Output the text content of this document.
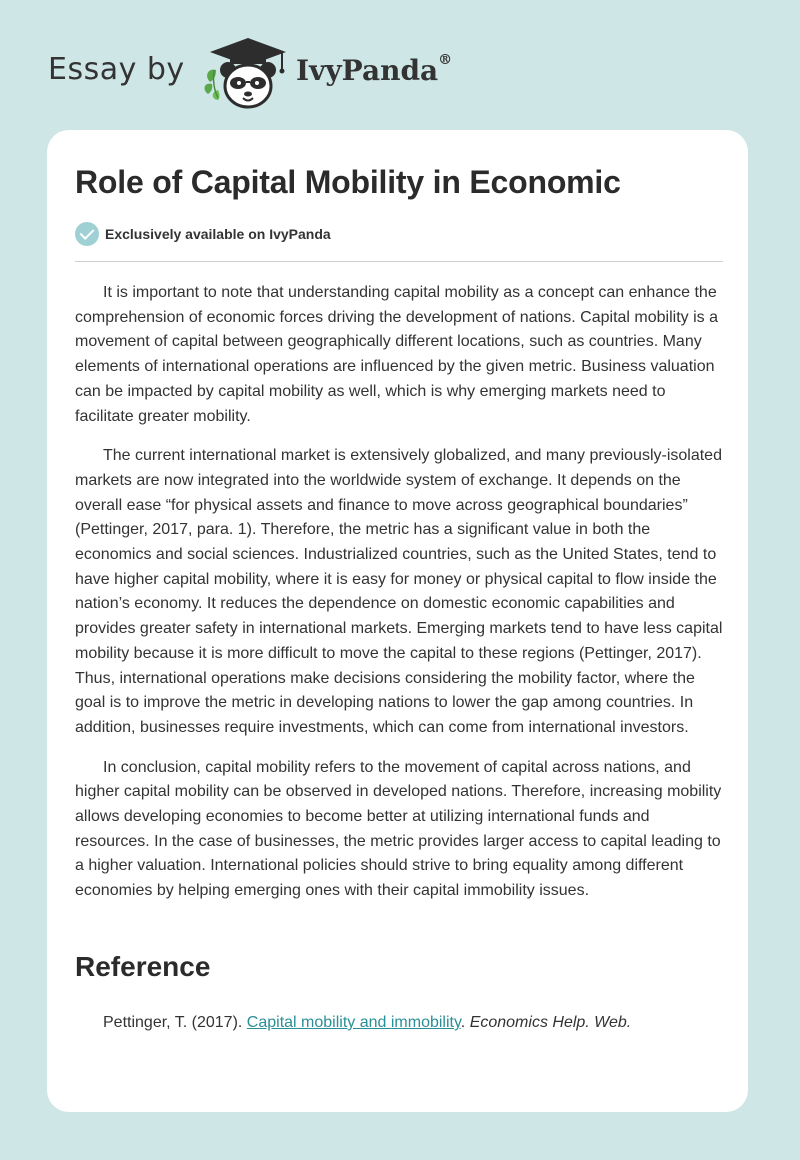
Essay by	IvyPanda®
Role of Capital Mobility in Economic
Exclusively available on IvyPanda

It is important to note that understanding capital mobility as a concept can enhance the comprehension of economic forces driving the development of nations. Capital mobility is a movement of capital between geographically different locations, such as countries. Many elements of international operations are influenced by the given metric. Business valuation can be impacted by capital mobility as well, which is why emerging markets need to facilitate greater mobility.

The current international market is extensively globalized, and many previously-isolated markets are now integrated into the worldwide system of exchange. It depends on the overall ease “for physical assets and finance to move across geographical boundaries” (Pettinger, 2017, para. 1). Therefore, the metric has a significant value in both the economics and social sciences. Industrialized countries, such as the United States, tend to have higher capital mobility, where it is easy for money or physical capital to flow inside the nation’s economy. It reduces the dependence on domestic economic capabilities and provides greater safety in international markets. Emerging markets tend to have less capital mobility because it is more difficult to move the capital to these regions (Pettinger, 2017). Thus, international operations make decisions considering the mobility factor, where the goal is to improve the metric in developing nations to lower the gap among countries. In addition, businesses require investments, which can come from international investors.

In conclusion, capital mobility refers to the movement of capital across nations, and higher capital mobility can be observed in developed nations. Therefore, increasing mobility allows developing economies to become better at utilizing international funds and resources. In the case of businesses, the metric provides larger access to capital leading to a higher valuation. International policies should strive to bring equality among different economies by helping emerging ones with their capital immobility issues.

Reference

Pettinger, T. (2017). Capital mobility and immobility. Economics Help. Web.
